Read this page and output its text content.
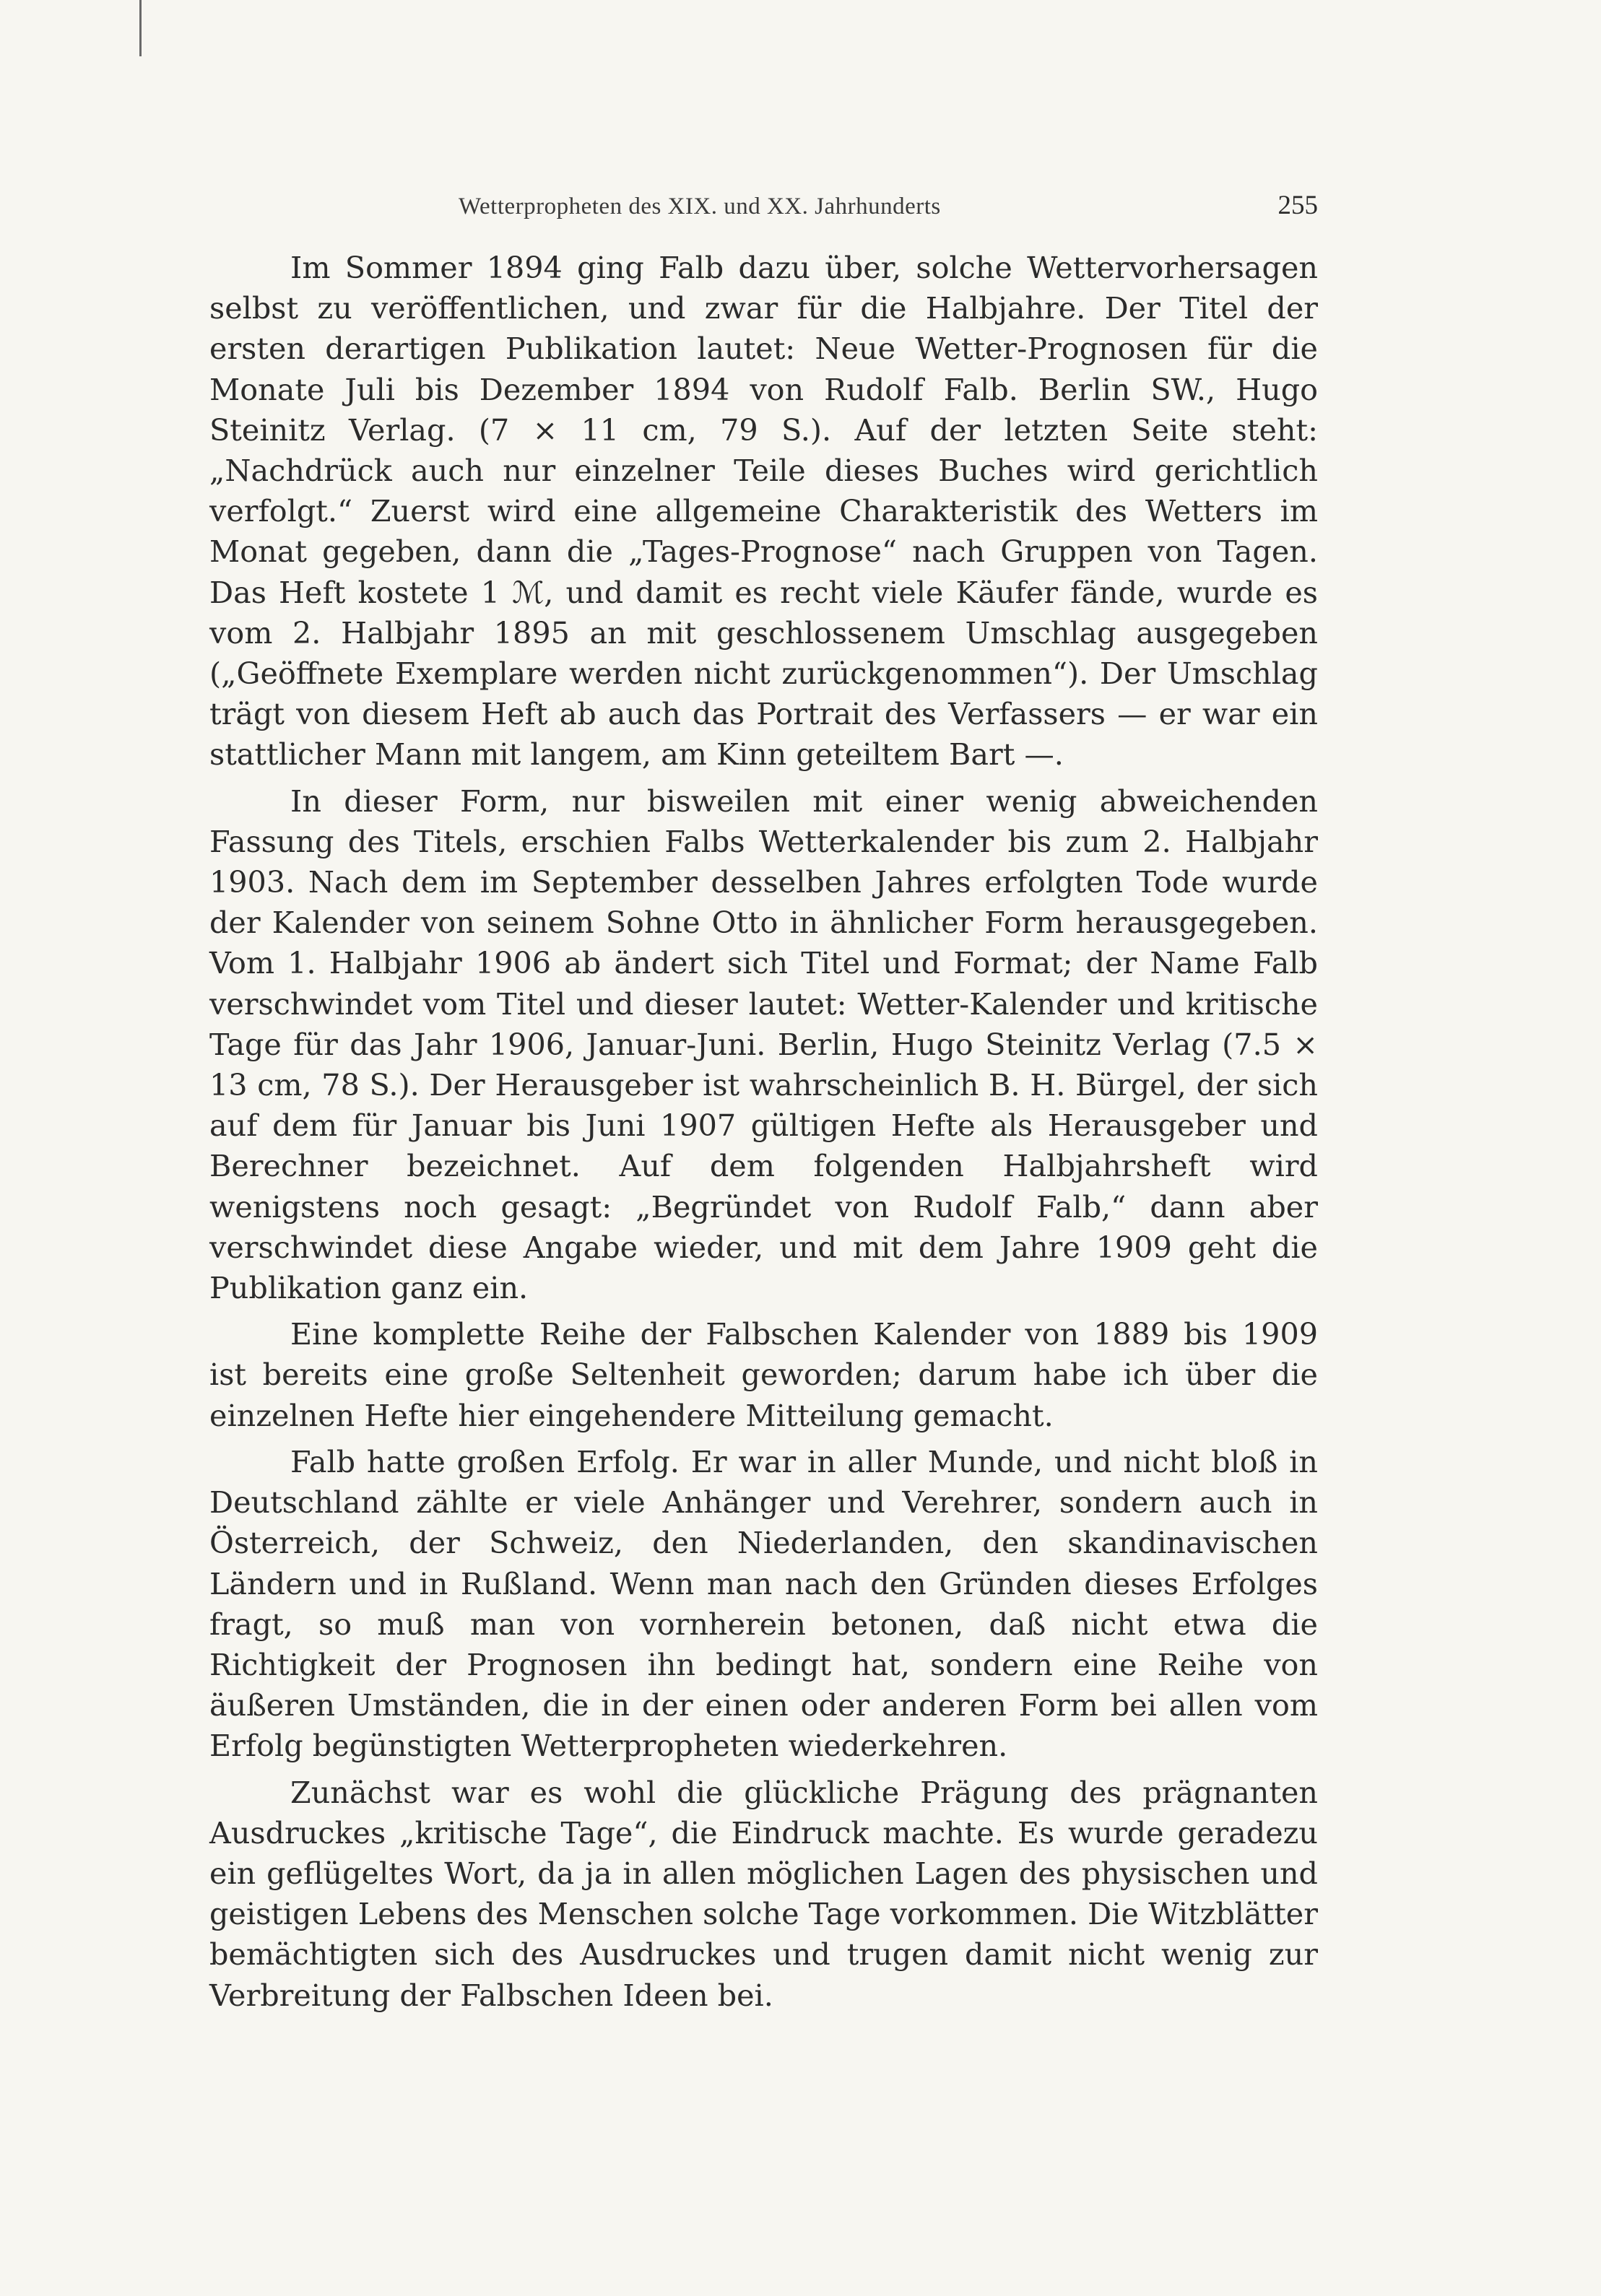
Wetterpropheten des XIX. und XX. Jahrhunderts	255

Im Sommer 1894 ging Falb dazu über, solche Wettervorhersagen selbst zu veröffentlichen, und zwar für die Halbjahre. Der Titel der ersten derartigen Publikation lautet: Neue Wetter-Prognosen für die Monate Juli bis Dezember 1894 von Rudolf Falb. Berlin SW., Hugo Steinitz Verlag. (7 × 11 cm, 79 S.). Auf der letzten Seite steht: „Nachdrück auch nur einzelner Teile dieses Buches wird gerichtlich verfolgt.“ Zuerst wird eine allgemeine Charakteristik des Wetters im Monat gegeben, dann die „Tages-Prognose“ nach Gruppen von Tagen. Das Heft kostete 1 ℳ, und damit es recht viele Käufer fände, wurde es vom 2. Halbjahr 1895 an mit geschlossenem Umschlag ausgegeben („Geöffnete Exemplare werden nicht zurückgenommen“). Der Umschlag trägt von diesem Heft ab auch das Portrait des Verfassers — er war ein stattlicher Mann mit langem, am Kinn geteiltem Bart —.

In dieser Form, nur bisweilen mit einer wenig abweichenden Fassung des Titels, erschien Falbs Wetterkalender bis zum 2. Halbjahr 1903. Nach dem im September desselben Jahres erfolgten Tode wurde der Kalender von seinem Sohne Otto in ähnlicher Form herausgegeben. Vom 1. Halbjahr 1906 ab ändert sich Titel und Format; der Name Falb verschwindet vom Titel und dieser lautet: Wetter-Kalender und kritische Tage für das Jahr 1906, Januar-Juni. Berlin, Hugo Steinitz Verlag (7.5 × 13 cm, 78 S.). Der Herausgeber ist wahrscheinlich B. H. Bürgel, der sich auf dem für Januar bis Juni 1907 gültigen Hefte als Herausgeber und Berechner bezeichnet. Auf dem folgenden Halbjahrsheft wird wenigstens noch gesagt: „Begründet von Rudolf Falb,“ dann aber verschwindet diese Angabe wieder, und mit dem Jahre 1909 geht die Publikation ganz ein.

Eine komplette Reihe der Falbschen Kalender von 1889 bis 1909 ist bereits eine große Seltenheit geworden; darum habe ich über die einzelnen Hefte hier eingehendere Mitteilung gemacht.

Falb hatte großen Erfolg. Er war in aller Munde, und nicht bloß in Deutschland zählte er viele Anhänger und Verehrer, sondern auch in Österreich, der Schweiz, den Niederlanden, den skandinavischen Ländern und in Rußland. Wenn man nach den Gründen dieses Erfolges fragt, so muß man von vornherein betonen, daß nicht etwa die Richtigkeit der Prognosen ihn bedingt hat, sondern eine Reihe von äußeren Umständen, die in der einen oder anderen Form bei allen vom Erfolg begünstigten Wetterpropheten wiederkehren.

Zunächst war es wohl die glückliche Prägung des prägnanten Ausdruckes „kritische Tage“, die Eindruck machte. Es wurde geradezu ein geflügeltes Wort, da ja in allen möglichen Lagen des physischen und geistigen Lebens des Menschen solche Tage vorkommen. Die Witzblätter bemächtigten sich des Ausdruckes und trugen damit nicht wenig zur Verbreitung der Falbschen Ideen bei.
